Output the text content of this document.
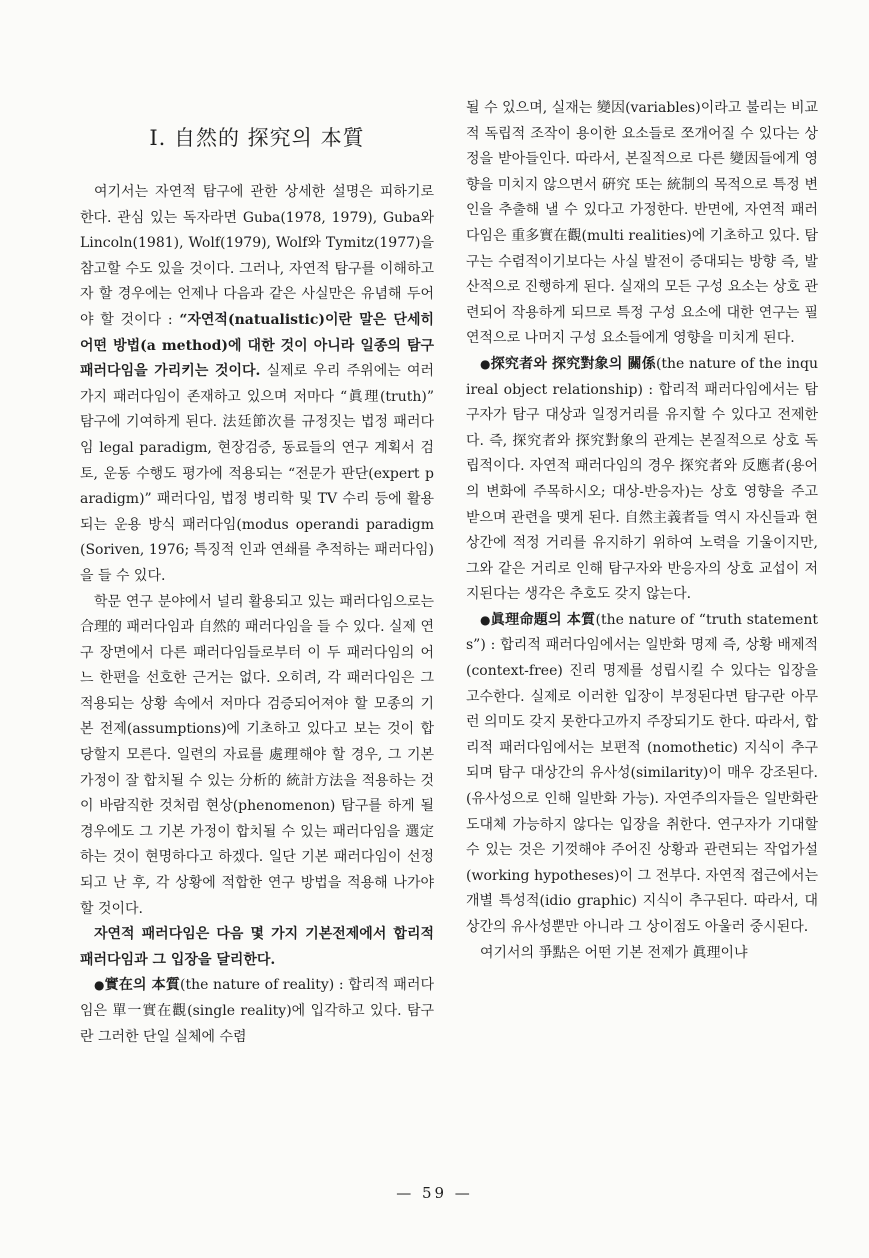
Ⅰ. 自然的 探究의 本質

여기서는 자연적 탐구에 관한 상세한 설명은 피하기로 한다. 관심 있는 독자라면 Guba(1978, 1979), Guba와 Lincoln(1981), Wolf(1979), Wolf와 Tymitz(1977)을 참고할 수도 있을 것이다. 그러나, 자연적 탐구를 이해하고자 할 경우에는 언제나 다음과 같은 사실만은 유념해 두어야 할 것이다 : “자연적(natualistic)이란 말은 단세히 어떤 방법(a method)에 대한 것이 아니라 일종의 탐구 패러다임을 가리키는 것이다. 실제로 우리 주위에는 여러 가지 패러다임이 존재하고 있으며 저마다 “眞理(truth)” 탐구에 기여하게 된다. 法廷節次를 규정짓는 법정 패러다임 legal paradigm, 현장검증, 동료들의 연구 계획서 검토, 운동 수행도 평가에 적용되는 “전문가 판단(expert paradigm)” 패러다임, 법정 병리학 및 TV 수리 등에 활용되는 운용 방식 패러다임(modus operandi paradigm(Soriven, 1976; 특징적 인과 연쇄를 추적하는 패러다임)을 들 수 있다.

학문 연구 분야에서 널리 활용되고 있는 패러다임으로는 合理的 패러다임과 自然的 패러다임을 들 수 있다. 실제 연구 장면에서 다른 패러다임들로부터 이 두 패러다임의 어느 한편을 선호한 근거는 없다. 오히려, 각 패러다임은 그 적용되는 상황 속에서 저마다 검증되어져야 할 모종의 기본 전제(assumptions)에 기초하고 있다고 보는 것이 합당할지 모른다. 일련의 자료를 處理해야 할 경우, 그 기본 가정이 잘 합치될 수 있는 分析的 統計方法을 적용하는 것이 바람직한 것처럼 현상(phenomenon) 탐구를 하게 될 경우에도 그 기본 가정이 합치될 수 있는 패러다임을 選定하는 것이 현명하다고 하겠다. 일단 기본 패러다임이 선정되고 난 후, 각 상황에 적합한 연구 방법을 적용해 나가야 할 것이다.

자연적 패러다임은 다음 몇 가지 기본전제에서 합리적 패러다임과 그 입장을 달리한다.

●實在의 本質(the nature of reality) : 합리적 패러다임은 單一實在觀(single reality)에 입각하고 있다. 탐구란 그러한 단일 실체에 수렴

될 수 있으며, 실재는 變因(variables)이라고 불리는 비교적 독립적 조작이 용이한 요소들로 쪼개어질 수 있다는 상정을 받아들인다. 따라서, 본질적으로 다른 變因들에게 영향을 미치지 않으면서 硏究 또는 統制의 목적으로 특정 변인을 추출해 낼 수 있다고 가정한다. 반면에, 자연적 패러다임은 重多實在觀(multi realities)에 기초하고 있다. 탐구는 수렴적이기보다는 사실 발전이 증대되는 방향 즉, 발산적으로 진행하게 된다. 실재의 모든 구성 요소는 상호 관련되어 작용하게 되므로 특정 구성 요소에 대한 연구는 필연적으로 나머지 구성 요소들에게 영향을 미치게 된다.

●探究者와 探究對象의 關係(the nature of the inquireal object relationship) : 합리적 패러다임에서는 탐구자가 탐구 대상과 일정거리를 유지할 수 있다고 전제한다. 즉, 探究者와 探究對象의 관계는 본질적으로 상호 독립적이다. 자연적 패러다임의 경우 探究者와 反應者(용어의 변화에 주목하시오; 대상-반응자)는 상호 영향을 주고 받으며 관련을 맺게 된다. 自然主義者들 역시 자신들과 현상간에 적정 거리를 유지하기 위하여 노력을 기울이지만, 그와 같은 거리로 인해 탐구자와 반응자의 상호 교섭이 저지된다는 생각은 추호도 갖지 않는다.

●眞理命題의 本質(the nature of “truth statements”) : 합리적 패러다임에서는 일반화 명제 즉, 상황 배제적(context-free) 진리 명제를 성립시킬 수 있다는 입장을 고수한다. 실제로 이러한 입장이 부정된다면 탐구란 아무런 의미도 갖지 못한다고까지 주장되기도 한다. 따라서, 합리적 패러다임에서는 보편적 (nomothetic) 지식이 추구되며 탐구 대상간의 유사성(similarity)이 매우 강조된다. (유사성으로 인해 일반화 가능). 자연주의자들은 일반화란 도대체 가능하지 않다는 입장을 취한다. 연구자가 기대할 수 있는 것은 기껏해야 주어진 상황과 관련되는 작업가설(working hypotheses)이 그 전부다. 자연적 접근에서는 개별 특성적(idio graphic) 지식이 추구된다. 따라서, 대상간의 유사성뿐만 아니라 그 상이점도 아울러 중시된다.

여기서의 爭點은 어떤 기본 전제가 眞理이냐

— 59 —
